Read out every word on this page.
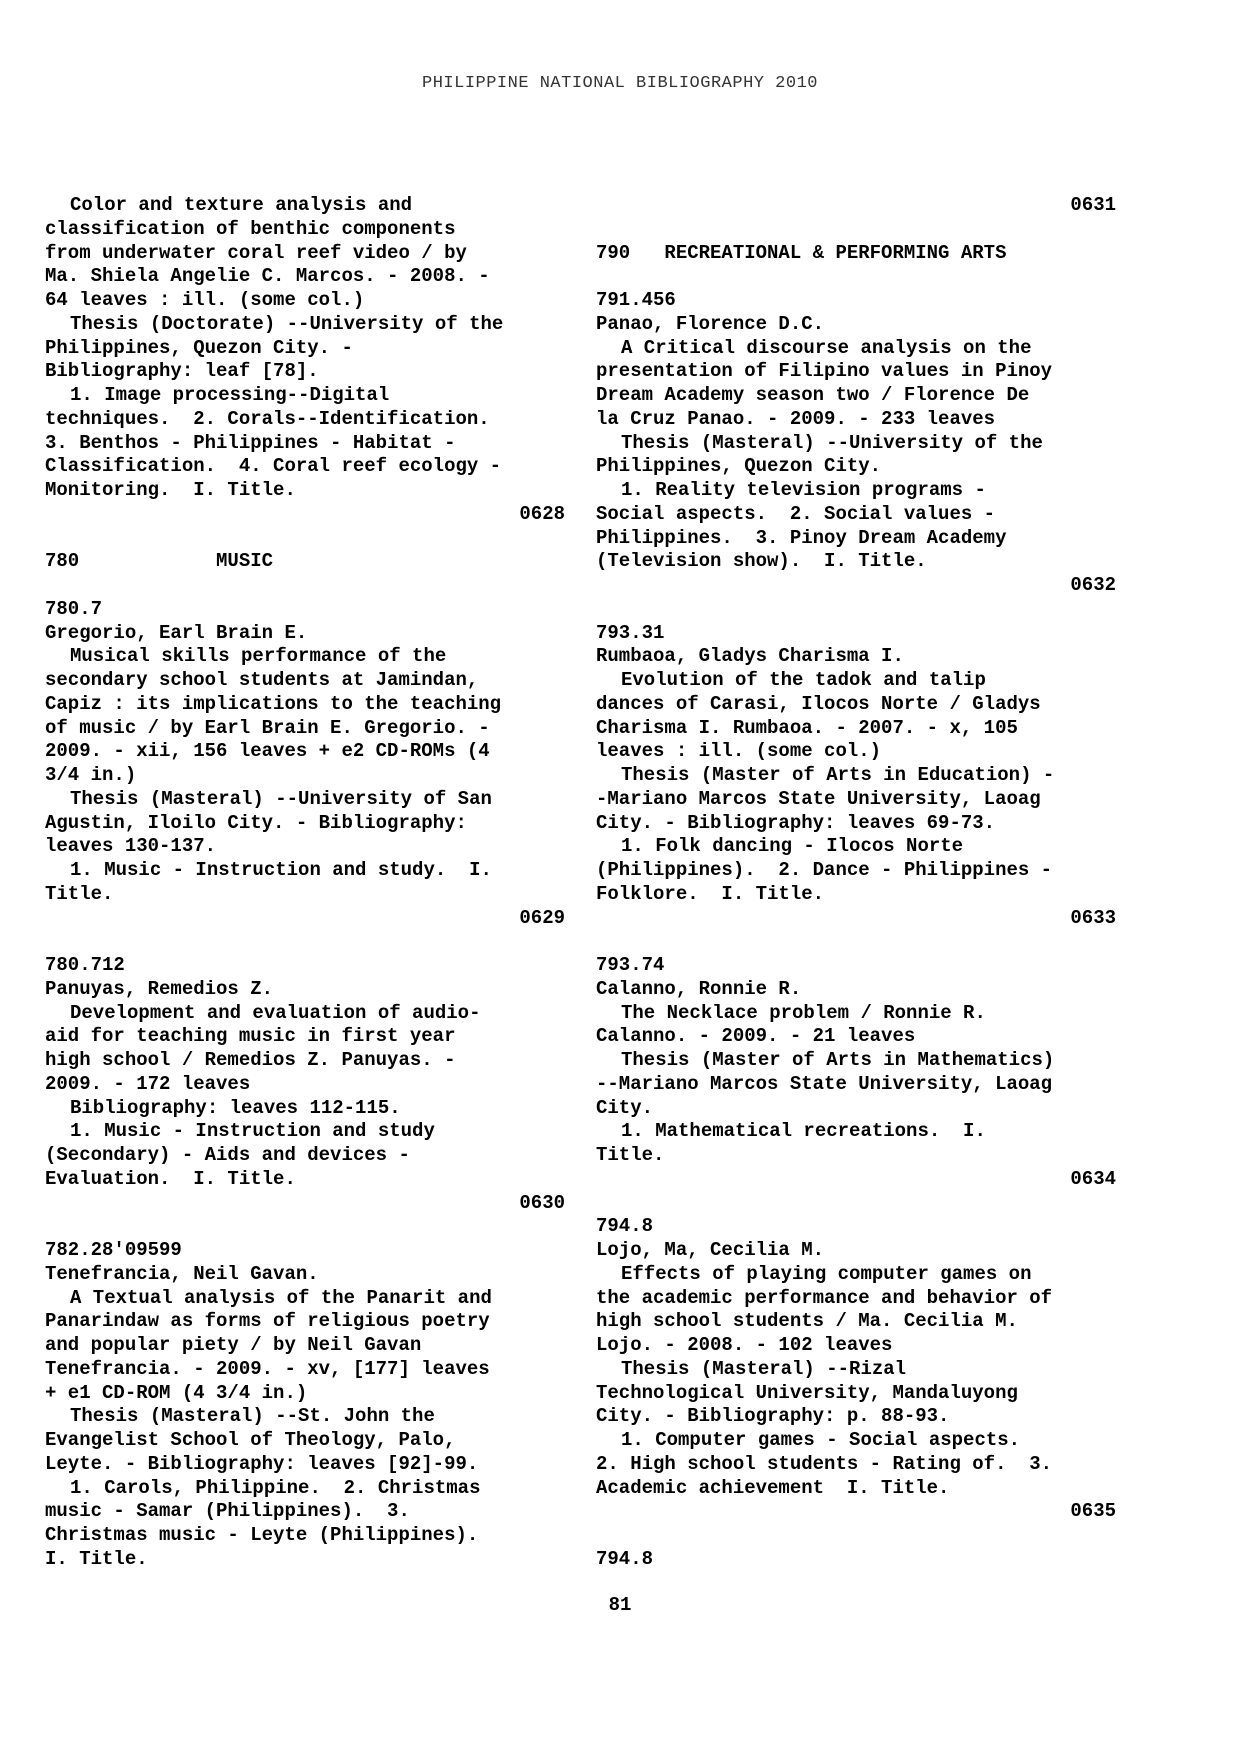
PHILIPPINE NATIONAL BIBLIOGRAPHY 2010
Color and texture analysis and
classification of benthic components
from underwater coral reef video / by
Ma. Shiela Angelie C. Marcos. - 2008. -
64 leaves : ill. (some col.)
Thesis (Doctorate) --University of the
Philippines, Quezon City. -
Bibliography: leaf [78].
1. Image processing--Digital
techniques.  2. Corals--Identification.
3. Benthos - Philippines - Habitat -
Classification.  4. Coral reef ecology -
Monitoring.  I. Title.
0628
780            MUSIC
780.7
Gregorio, Earl Brain E.
Musical skills performance of the
secondary school students at Jamindan,
Capiz : its implications to the teaching
of music / by Earl Brain E. Gregorio. -
2009. - xii, 156 leaves + e2 CD-ROMs (4
3/4 in.)
Thesis (Masteral) --University of San
Agustin, Iloilo City. - Bibliography:
leaves 130-137.
1. Music - Instruction and study.  I.
Title.
0629
780.712
Panuyas, Remedios Z.
Development and evaluation of audio-
aid for teaching music in first year
high school / Remedios Z. Panuyas. -
2009. - 172 leaves
Bibliography: leaves 112-115.
1. Music - Instruction and study
(Secondary) - Aids and devices -
Evaluation.  I. Title.
0630
782.28'09599
Tenefrancia, Neil Gavan.
A Textual analysis of the Panarit and
Panarindaw as forms of religious poetry
and popular piety / by Neil Gavan
Tenefrancia. - 2009. - xv, [177] leaves
+ e1 CD-ROM (4 3/4 in.)
Thesis (Masteral) --St. John the
Evangelist School of Theology, Palo,
Leyte. - Bibliography: leaves [92]-99.
1. Carols, Philippine.  2. Christmas
music - Samar (Philippines).  3.
Christmas music - Leyte (Philippines).
I. Title.
0631
790   RECREATIONAL & PERFORMING ARTS
791.456
Panao, Florence D.C.
A Critical discourse analysis on the
presentation of Filipino values in Pinoy
Dream Academy season two / Florence De
la Cruz Panao. - 2009. - 233 leaves
Thesis (Masteral) --University of the
Philippines, Quezon City.
1. Reality television programs -
Social aspects.  2. Social values -
Philippines.  3. Pinoy Dream Academy
(Television show).  I. Title.
0632
793.31
Rumbaoa, Gladys Charisma I.
Evolution of the tadok and talip
dances of Carasi, Ilocos Norte / Gladys
Charisma I. Rumbaoa. - 2007. - x, 105
leaves : ill. (some col.)
Thesis (Master of Arts in Education) -
-Mariano Marcos State University, Laoag
City. - Bibliography: leaves 69-73.
1. Folk dancing - Ilocos Norte
(Philippines).  2. Dance - Philippines -
Folklore.  I. Title.
0633
793.74
Calanno, Ronnie R.
The Necklace problem / Ronnie R.
Calanno. - 2009. - 21 leaves
Thesis (Master of Arts in Mathematics)
--Mariano Marcos State University, Laoag
City.
1. Mathematical recreations.  I.
Title.
0634
794.8
Lojo, Ma, Cecilia M.
Effects of playing computer games on
the academic performance and behavior of
high school students / Ma. Cecilia M.
Lojo. - 2008. - 102 leaves
Thesis (Masteral) --Rizal
Technological University, Mandaluyong
City. - Bibliography: p. 88-93.
1. Computer games - Social aspects.
2. High school students - Rating of.  3.
Academic achievement  I. Title.
0635
794.8
81
